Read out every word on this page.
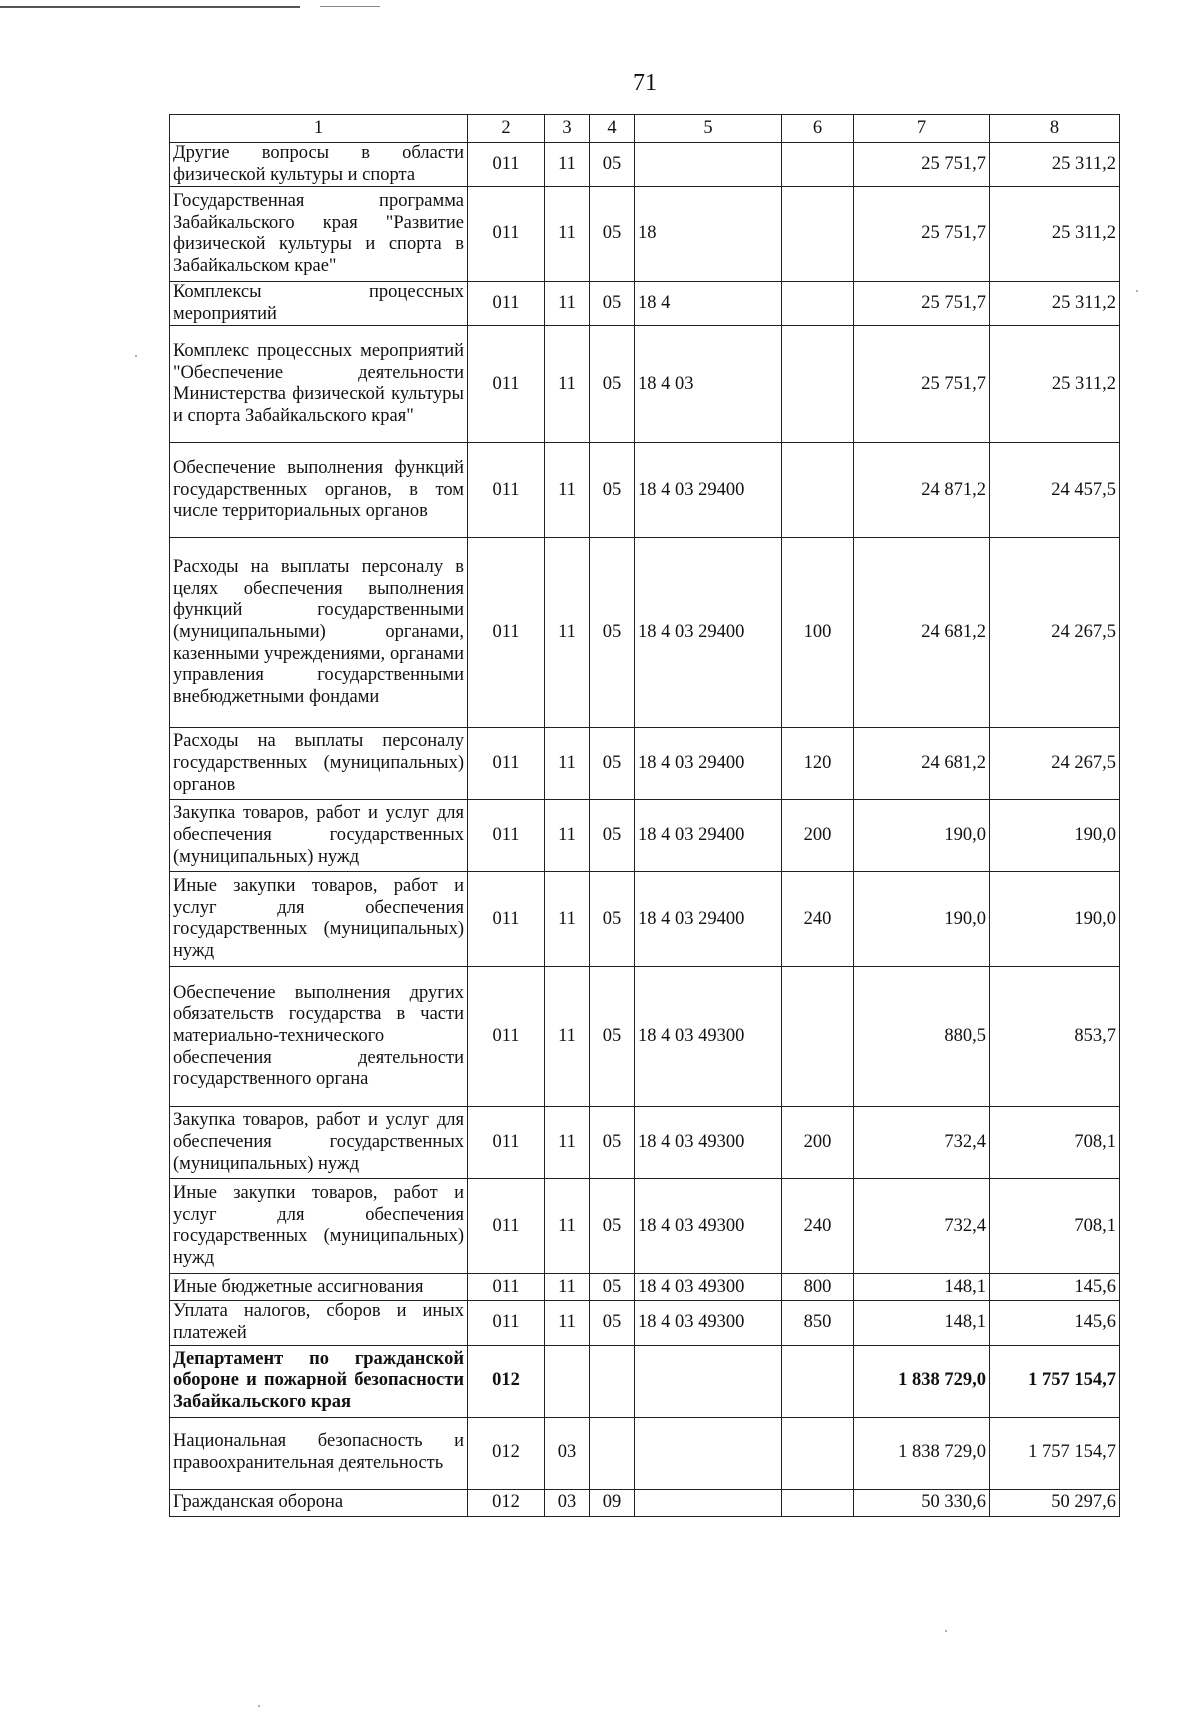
71
1	2	3	4	5	6	7	8
Другие вопросы в области физической культуры и спорта	011	11	05			25 751,7	25 311,2
Государственная программа Забайкальского края "Развитие физической культуры и спорта в Забайкальском крае"	011	11	05	18		25 751,7	25 311,2
Комплексы процессных мероприятий	011	11	05	18 4		25 751,7	25 311,2
Комплекс процессных мероприятий "Обеспечение деятельности Министерства физической культуры и спорта Забайкальского края"	011	11	05	18 4 03		25 751,7	25 311,2
Обеспечение выполнения функций государственных органов, в том числе территориальных органов	011	11	05	18 4 03 29400		24 871,2	24 457,5
Расходы на выплаты персоналу в целях обеспечения выполнения функций государственными (муниципальными) органами, казенными учреждениями, органами управления государственными внебюджетными фондами	011	11	05	18 4 03 29400	100	24 681,2	24 267,5
Расходы на выплаты персоналу государственных (муниципальных) органов	011	11	05	18 4 03 29400	120	24 681,2	24 267,5
Закупка товаров, работ и услуг для обеспечения государственных (муниципальных) нужд	011	11	05	18 4 03 29400	200	190,0	190,0
Иные закупки товаров, работ и услуг для обеспечения государственных (муниципальных) нужд	011	11	05	18 4 03 29400	240	190,0	190,0
Обеспечение выполнения других обязательств государства в части материально-технического обеспечения деятельности государственного органа	011	11	05	18 4 03 49300		880,5	853,7
Закупка товаров, работ и услуг для обеспечения государственных (муниципальных) нужд	011	11	05	18 4 03 49300	200	732,4	708,1
Иные закупки товаров, работ и услуг для обеспечения государственных (муниципальных) нужд	011	11	05	18 4 03 49300	240	732,4	708,1
Иные бюджетные ассигнования	011	11	05	18 4 03 49300	800	148,1	145,6
Уплата налогов, сборов и иных платежей	011	11	05	18 4 03 49300	850	148,1	145,6
Департамент по гражданской обороне и пожарной безопасности Забайкальского края	012					1 838 729,0	1 757 154,7
Национальная безопасность и правоохранительная деятельность	012	03				1 838 729,0	1 757 154,7
Гражданская оборона	012	03	09			50 330,6	50 297,6
